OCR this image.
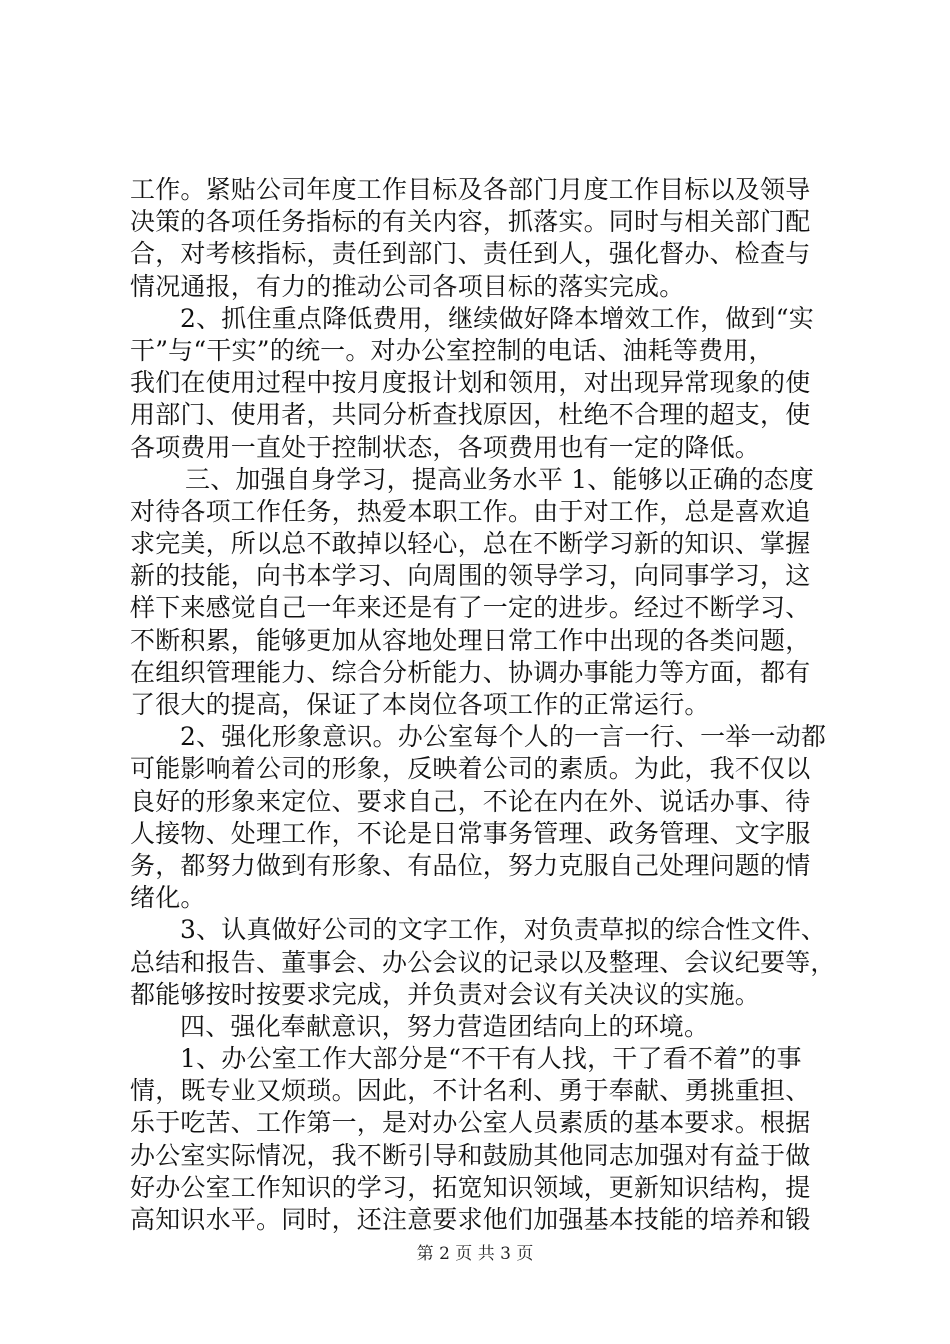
工作。紧贴公司年度工作目标及各部门月度工作目标以及领导
决策的各项任务指标的有关内容，抓落实。同时与相关部门配
合，对考核指标，责任到部门、责任到人，强化督办、检查与
情况通报，有力的推动公司各项目标的落实完成。
2、抓住重点降低费用，继续做好降本增效工作，做到“实
干”与“干实”的统一。对办公室控制的电话、油耗等费用，
我们在使用过程中按月度报计划和领用，对出现异常现象的使
用部门、使用者，共同分析查找原因，杜绝不合理的超支，使
各项费用一直处于控制状态，各项费用也有一定的降低。
三、加强自身学习，提高业务水平 1、能够以正确的态度
对待各项工作任务，热爱本职工作。由于对工作，总是喜欢追
求完美，所以总不敢掉以轻心，总在不断学习新的知识、掌握
新的技能，向书本学习、向周围的领导学习，向同事学习，这
样下来感觉自己一年来还是有了一定的进步。经过不断学习、
不断积累，能够更加从容地处理日常工作中出现的各类问题，
在组织管理能力、综合分析能力、协调办事能力等方面，都有
了很大的提高，保证了本岗位各项工作的正常运行。
2、强化形象意识。办公室每个人的一言一行、一举一动都
可能影响着公司的形象，反映着公司的素质。为此，我不仅以
良好的形象来定位、要求自己，不论在内在外、说话办事、待
人接物、处理工作，不论是日常事务管理、政务管理、文字服
务，都努力做到有形象、有品位，努力克服自己处理问题的情
绪化。
3、认真做好公司的文字工作，对负责草拟的综合性文件、
总结和报告、董事会、办公会议的记录以及整理、会议纪要等，
都能够按时按要求完成，并负责对会议有关决议的实施。
四、强化奉献意识，努力营造团结向上的环境。
1、办公室工作大部分是“不干有人找，干了看不着”的事
情，既专业又烦琐。因此，不计名利、勇于奉献、勇挑重担、
乐于吃苦、工作第一，是对办公室人员素质的基本要求。根据
办公室实际情况，我不断引导和鼓励其他同志加强对有益于做
好办公室工作知识的学习，拓宽知识领域，更新知识结构，提
高知识水平。同时，还注意要求他们加强基本技能的培养和锻
第 2 页 共 3 页
